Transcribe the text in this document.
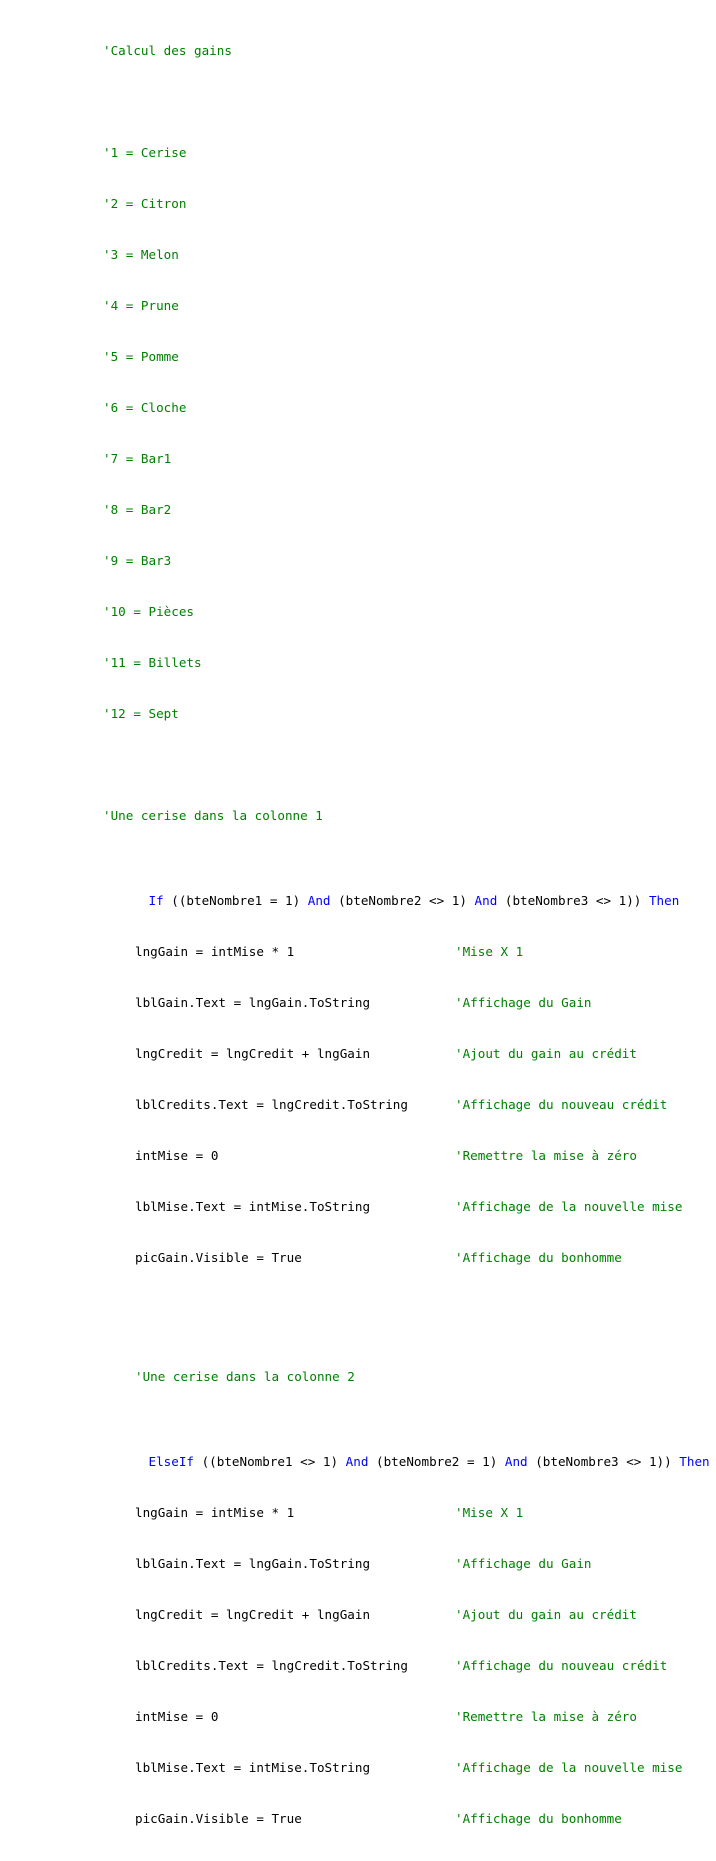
'Calcul des gains

'1 = Cerise

'2 = Citron

'3 = Melon

'4 = Prune

'5 = Pomme

'6 = Cloche

'7 = Bar1

'8 = Bar2

'9 = Bar3

'10 = Pièces

'11 = Billets

'12 = Sept

'Une cerise dans la colonne 1

If ((bteNombre1 = 1) And (bteNombre2 <> 1) And (bteNombre3 <> 1)) Then

lngGain = intMise * 1	'Mise X 1

lblGain.Text = lngGain.ToString	'Affichage du Gain

lngCredit = lngCredit + lngGain	'Ajout du gain au crédit

lblCredits.Text = lngCredit.ToString	'Affichage du nouveau crédit

intMise = 0	'Remettre la mise à zéro

lblMise.Text = intMise.ToString	'Affichage de la nouvelle mise

picGain.Visible = True	'Affichage du bonhomme

'Une cerise dans la colonne 2

ElseIf ((bteNombre1 <> 1) And (bteNombre2 = 1) And (bteNombre3 <> 1)) Then

lngGain = intMise * 1	'Mise X 1

lblGain.Text = lngGain.ToString	'Affichage du Gain

lngCredit = lngCredit + lngGain	'Ajout du gain au crédit

lblCredits.Text = lngCredit.ToString	'Affichage du nouveau crédit

intMise = 0	'Remettre la mise à zéro

lblMise.Text = intMise.ToString	'Affichage de la nouvelle mise

picGain.Visible = True	'Affichage du bonhomme
